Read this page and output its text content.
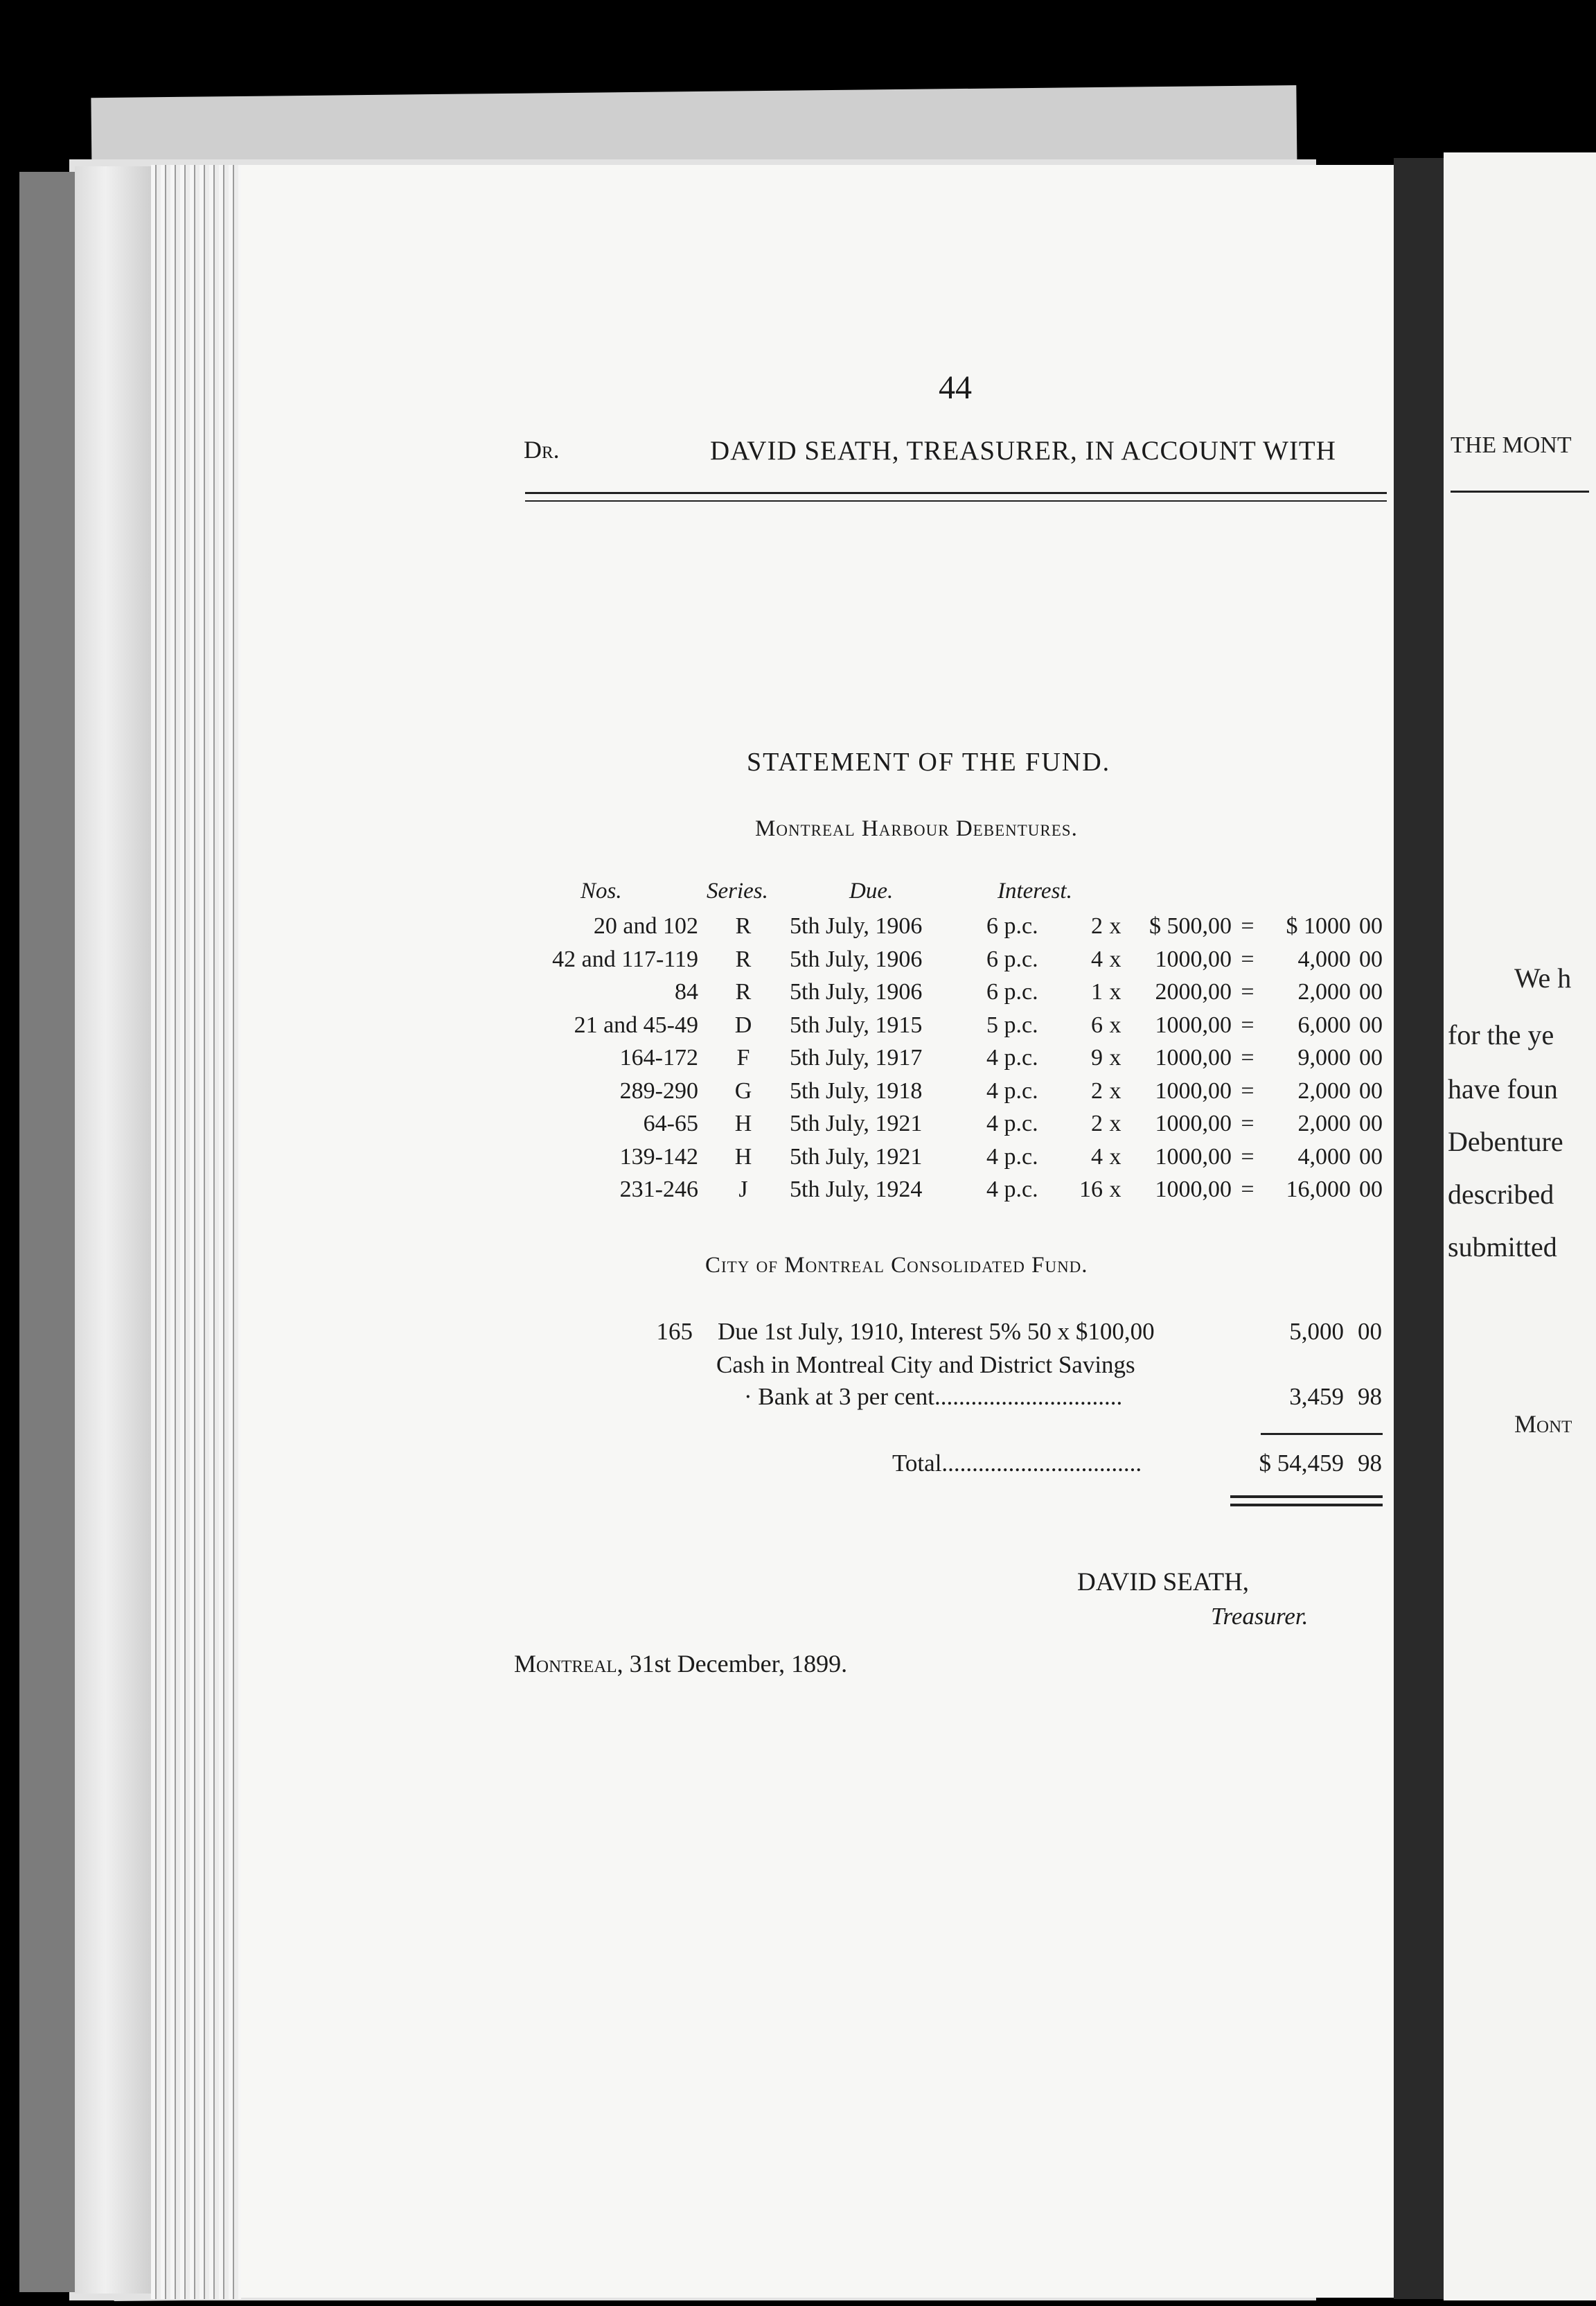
44
Dr.	DAVID SEATH, TREASURER, IN ACCOUNT WITH	THE MONT
STATEMENT OF THE FUND.
Montreal Harbour Debentures.
Nos.	Series.	Due.	Interest.
20 and 102 R 5th July, 1906	6 p.c.	2 x	$ 500,00 =	$ 1000 00
42 and 117-119 R 5th July, 1906	6 p.c.	4 x	1000,00 =	4,000 00
84 R 5th July, 1906	6 p.c.	1 x	2000,00 =	2,000 00
21 and 45-49 D 5th July, 1915	5 p.c.	6 x	1000,00 =	6,000 00
164-172 F 5th July, 1917	4 p.c.	9 x	1000,00 =	9,000 00
289-290 G 5th July, 1918	4 p.c.	2 x	1000,00 =	2,000 00
64-65 H 5th July, 1921	4 p.c.	2 x	1000,00 =	2,000 00
139-142 H 5th July, 1921	4 p.c.	4 x	1000,00 =	4,000 00
231-246	J	5th July, 1924	4 p.c.	16 x	1000,00 =	16,000 00
City of Montreal Consolidated Fund.
165 Due 1st July, 1910, Interest 5% 50 x $100,00	5,000 00
Cash in Montreal City and District Savings
· Bank at 3 per cent...............................	3,459 98
Total.................................	$ 54,459 98
DAVID SEATH,
Treasurer.
Montreal, 31st December, 1899.
We h
for the ye
have foun
Debenture
described
submitted
Mont
